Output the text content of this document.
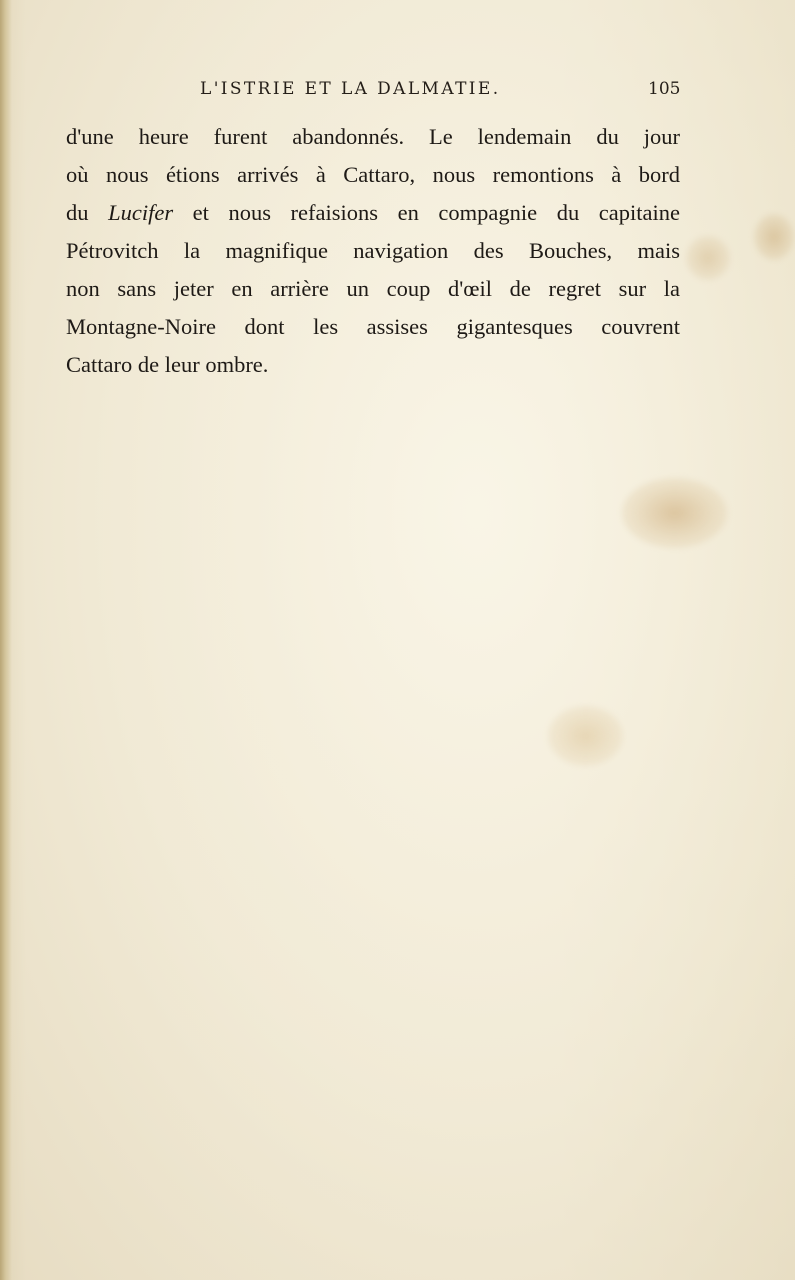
L'ISTRIE ET LA DALMATIE.	105
d'une heure furent abandonnés. Le lendemain du jour
où nous étions arrivés à Cattaro, nous remontions à bord
du Lucifer et nous refaisions en compagnie du capitaine
Pétrovitch la magnifique navigation des Bouches, mais
non sans jeter en arrière un coup d'œil de regret sur la
Montagne-Noire dont les assises gigantesques couvrent
Cattaro de leur ombre.
